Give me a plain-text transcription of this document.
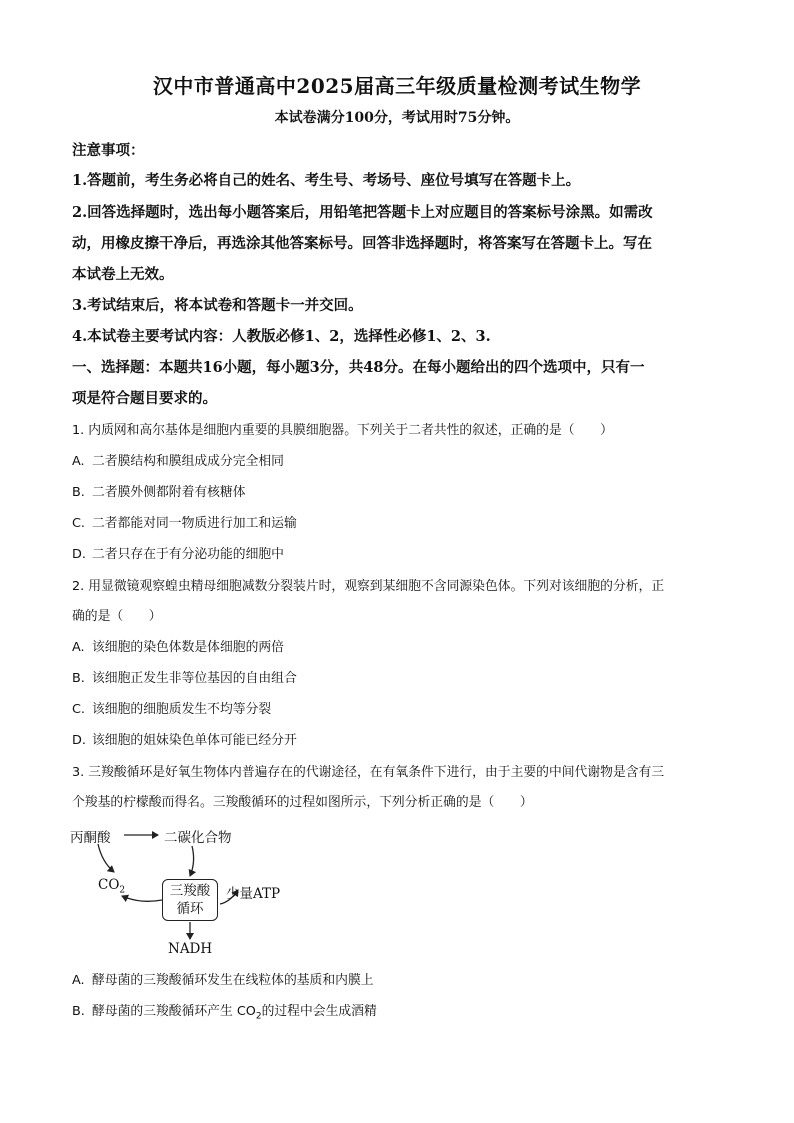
汉中市普通高中2025届高三年级质量检测考试生物学
本试卷满分100分，考试用时75分钟。
注意事项：
1.答题前，考生务必将自己的姓名、考生号、考场号、座位号填写在答题卡上。
2.回答选择题时，选出每小题答案后，用铅笔把答题卡上对应题目的答案标号涂黑。如需改
动，用橡皮擦干净后，再选涂其他答案标号。回答非选择题时，将答案写在答题卡上。写在
本试卷上无效。
3.考试结束后，将本试卷和答题卡一并交回。
4.本试卷主要考试内容：人教版必修1、2，选择性必修1、2、3.
一、选择题：本题共16小题，每小题3分，共48分。在每小题给出的四个选项中，只有一
项是符合题目要求的。
1. 内质网和高尔基体是细胞内重要的具膜细胞器。下列关于二者共性的叙述，正确的是（　　）
A. 二者膜结构和膜组成成分完全相同
B. 二者膜外侧都附着有核糖体
C. 二者都能对同一物质进行加工和运输
D. 二者只存在于有分泌功能的细胞中
2. 用显微镜观察蝗虫精母细胞减数分裂装片时，观察到某细胞不含同源染色体。下列对该细胞的分析，正
确的是（　　）
A. 该细胞的染色体数是体细胞的两倍
B. 该细胞正发生非等位基因的自由组合
C. 该细胞的细胞质发生不均等分裂
D. 该细胞的姐妹染色单体可能已经分开
3. 三羧酸循环是好氧生物体内普遍存在的代谢途径，在有氧条件下进行，由于主要的中间代谢物是含有三
个羧基的柠檬酸而得名。三羧酸循环的过程如图所示，下列分析正确的是（　　）
丙酮酸	二碳化合物
$CO_2$	三羧酸
循环
少量ATP
NADH
A. 酵母菌的三羧酸循环发生在线粒体的基质和内膜上
B. 酵母菌的三羧酸循环产生 $CO_2$的过程中会生成酒精
